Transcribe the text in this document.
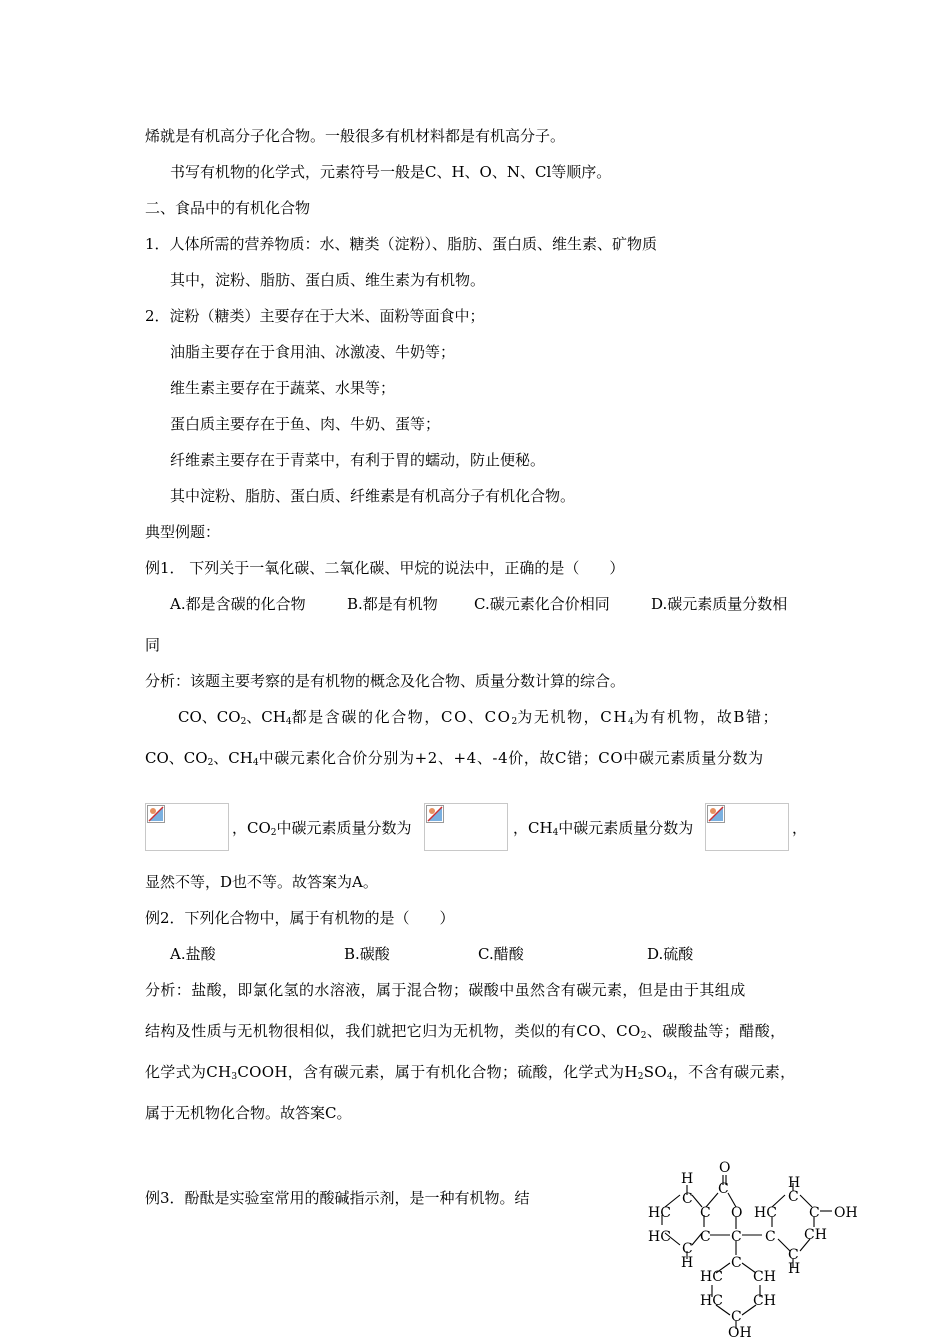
烯就是有机高分子化合物。一般很多有机材料都是有机高分子。
书写有机物的化学式，元素符号一般是C、H、O、N、Cl等顺序。
二、食品中的有机化合物
1．人体所需的营养物质：水、糖类（淀粉）、脂肪、蛋白质、维生素、矿物质
其中，淀粉、脂肪、蛋白质、维生素为有机物。
2．淀粉（糖类）主要存在于大米、面粉等面食中；
油脂主要存在于食用油、冰激凌、牛奶等；
维生素主要存在于蔬菜、水果等；
蛋白质主要存在于鱼、肉、牛奶、蛋等；
纤维素主要存在于青菜中，有利于胃的蠕动，防止便秘。
其中淀粉、脂肪、蛋白质、纤维素是有机高分子有机化合物。
典型例题：
例1． 下列关于一氧化碳、二氧化碳、甲烷的说法中，正确的是（　　）
A.都是含碳的化合物	B.都是有机物 C.碳元素化合价相同	D.碳元素质量分数相
同
分析：该题主要考察的是有机物的概念及化合物、质量分数计算的综合。
CO、$CO_2$、$CH_4$都是含碳的化合物，CO、$CO_2$为无机物，$CH_4$为有机物，故B错；
CO、$CO_2$、$CH_4$中碳元素化合价分别为+2、+4、-4价，故C错；CO中碳元素质量分数为
，$CO_2$中碳元素质量分数为	，$CH_4$中碳元素质量分数为	，
显然不等，D也不等。故答案为A。
例2．下列化合物中，属于有机物的是（　　）
A.盐酸	B.碳酸	C.醋酸	D.硫酸
分析：盐酸，即氯化氢的水溶液，属于混合物；碳酸中虽然含有碳元素，但是由于其组成
结构及性质与无机物很相似，我们就把它归为无机物，类似的有CO、$CO_2$、碳酸盐等；醋酸，
化学式为$CH_3COOH$，含有碳元素，属于有机化合物；硫酸，化学式为$H_2SO_4$，不含有碳元素，
属于无机物化合物。故答案C。
例3．酚酞是实验室常用的酸碱指示剂，是一种有机物。结
O
C
H
C
HC
HC
C O
C
C
H
C
H
C
HC C OH
C CH
C
H
C
HC CH
HC CH
C
OH
